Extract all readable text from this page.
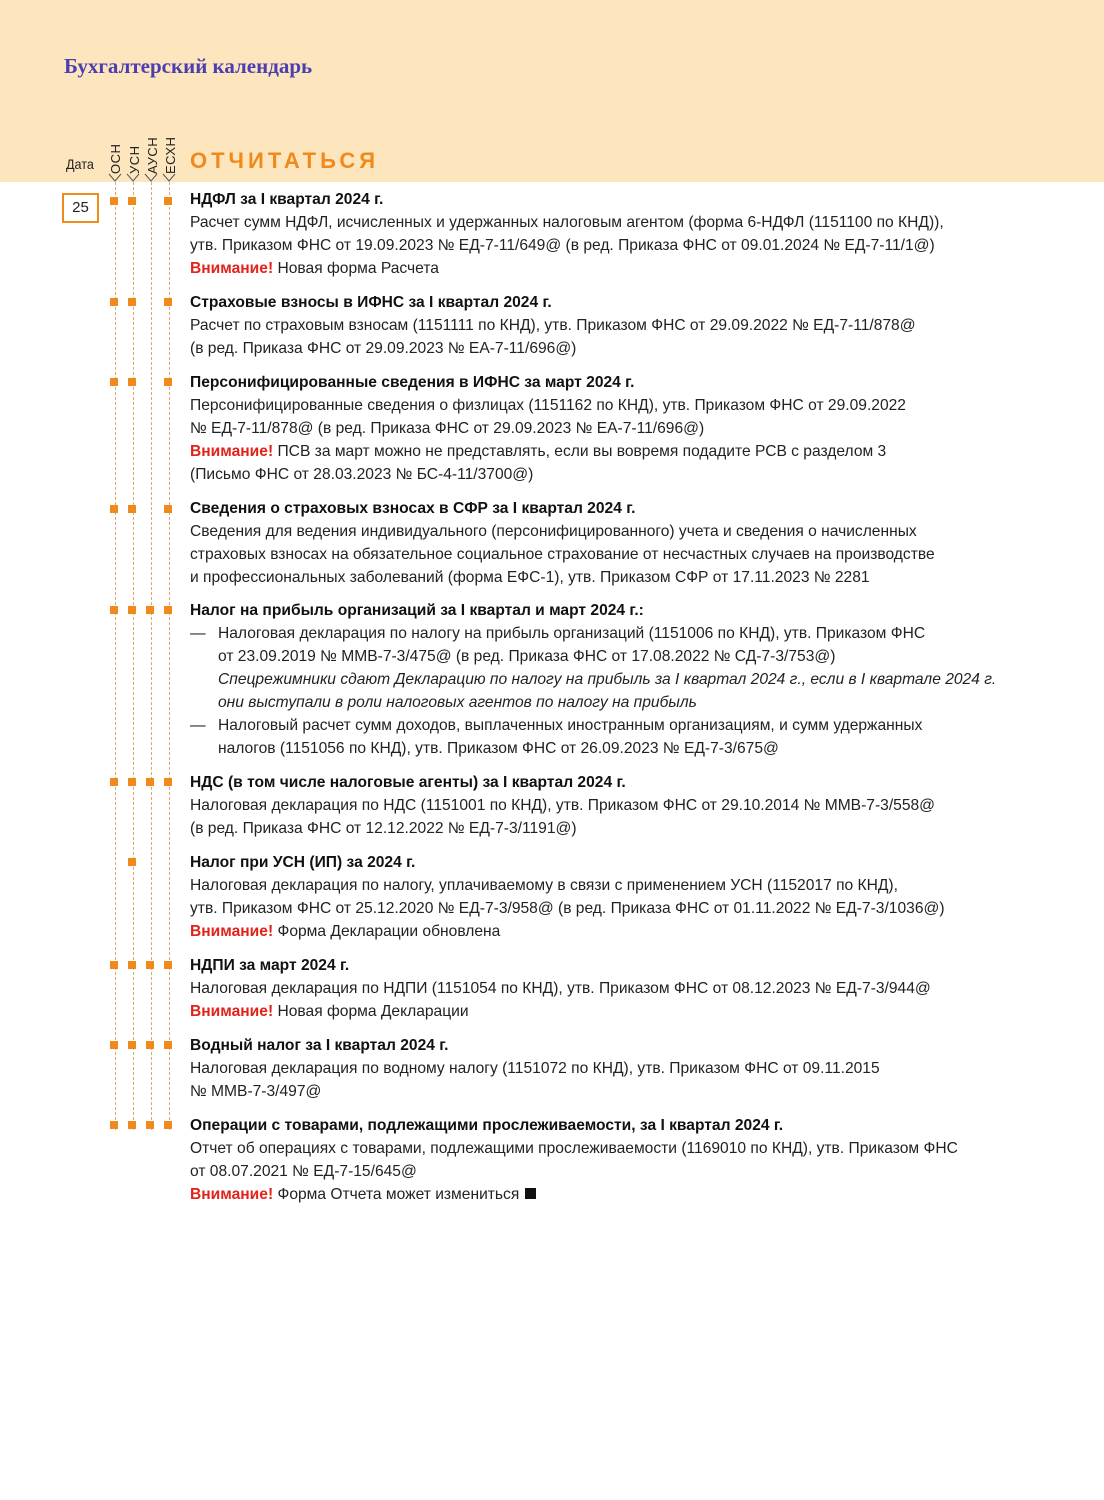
Бухгалтерский календарь
Дата ОСН УСН АУСН ЕСХН ОТЧИТАТЬСЯ
25	НДФЛ за I квартал 2024 г.
Расчет сумм НДФЛ, исчисленных и удержанных налоговым агентом (форма 6-НДФЛ (1151100 по КНД)),
утв. Приказом ФНС от 19.09.2023 № ЕД-7-11/649@ (в ред. Приказа ФНС от 09.01.2024 № ЕД-7-11/1@)
Внимание! Новая форма Расчета
Страховые взносы в ИФНС за I квартал 2024 г.
Расчет по страховым взносам (1151111 по КНД), утв. Приказом ФНС от 29.09.2022 № ЕД-7-11/878@
(в ред. Приказа ФНС от 29.09.2023 № ЕА-7-11/696@)
Персонифицированные сведения в ИФНС за март 2024 г.
Персонифицированные сведения о физлицах (1151162 по КНД), утв. Приказом ФНС от 29.09.2022
№ ЕД-7-11/878@ (в ред. Приказа ФНС от 29.09.2023 № ЕА-7-11/696@)
Внимание! ПСВ за март можно не представлять, если вы вовремя подадите РСВ с разделом 3
(Письмо ФНС от 28.03.2023 № БС-4-11/3700@)
Сведения о страховых взносах в СФР за I квартал 2024 г.
Сведения для ведения индивидуального (персонифицированного) учета и сведения о начисленных
страховых взносах на обязательное социальное страхование от несчастных случаев на производстве
и профессиональных заболеваний (форма ЕФС-1), утв. Приказом СФР от 17.11.2023 № 2281
Налог на прибыль организаций за I квартал и март 2024 г.:
— Налоговая декларация по налогу на прибыль организаций (1151006 по КНД), утв. Приказом ФНС
от 23.09.2019 № ММВ-7-3/475@ (в ред. Приказа ФНС от 17.08.2022 № СД-7-3/753@)
Спецрежимники сдают Декларацию по налогу на прибыль за I квартал 2024 г., если в I квартале 2024 г.
они выступали в роли налоговых агентов по налогу на прибыль
— Налоговый расчет сумм доходов, выплаченных иностранным организациям, и сумм удержанных
налогов (1151056 по КНД), утв. Приказом ФНС от 26.09.2023 № ЕД-7-3/675@
НДС (в том числе налоговые агенты) за I квартал 2024 г.
Налоговая декларация по НДС (1151001 по КНД), утв. Приказом ФНС от 29.10.2014 № ММВ-7-3/558@
(в ред. Приказа ФНС от 12.12.2022 № ЕД-7-3/1191@)
Налог при УСН (ИП) за 2024 г.
Налоговая декларация по налогу, уплачиваемому в связи с применением УСН (1152017 по КНД),
утв. Приказом ФНС от 25.12.2020 № ЕД-7-3/958@ (в ред. Приказа ФНС от 01.11.2022 № ЕД-7-3/1036@)
Внимание! Форма Декларации обновлена
НДПИ за март 2024 г.
Налоговая декларация по НДПИ (1151054 по КНД), утв. Приказом ФНС от 08.12.2023 № ЕД-7-3/944@
Внимание! Новая форма Декларации
Водный налог за I квартал 2024 г.
Налоговая декларация по водному налогу (1151072 по КНД), утв. Приказом ФНС от 09.11.2015
№ ММВ-7-3/497@
Операции с товарами, подлежащими прослеживаемости, за I квартал 2024 г.
Отчет об операциях с товарами, подлежащими прослеживаемости (1169010 по КНД), утв. Приказом ФНС
от 08.07.2021 № ЕД-7-15/645@
Внимание! Форма Отчета может измениться
